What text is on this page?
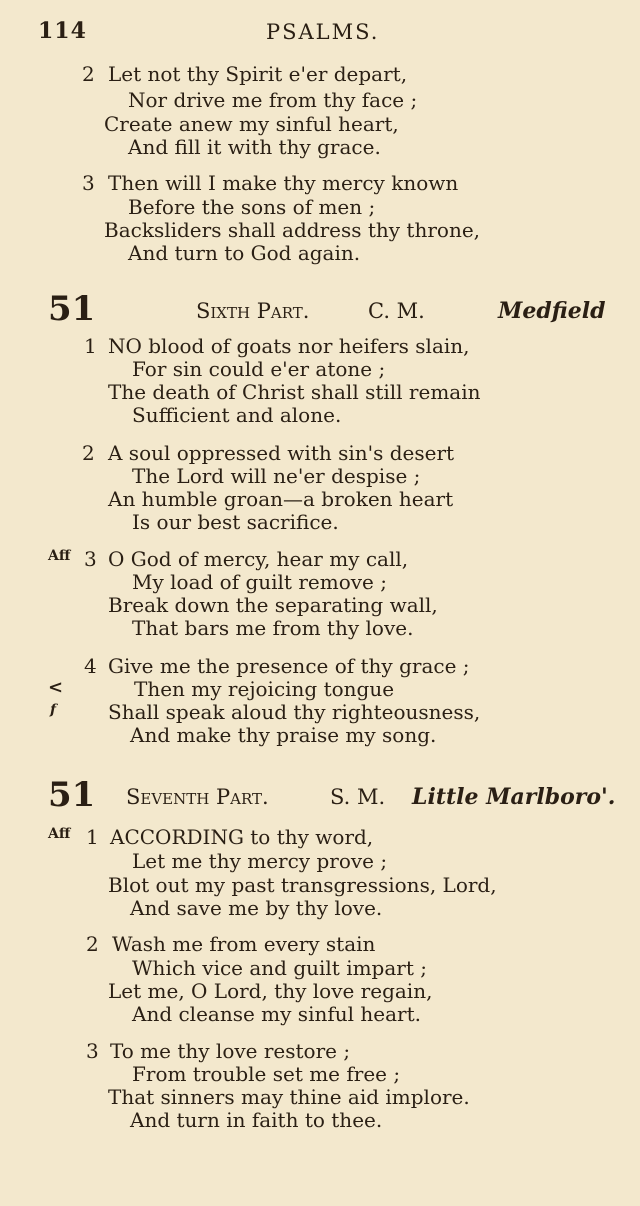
114	PSALMS.
2 Let not thy Spirit e'er depart,
Nor drive me from thy face ;
Create anew my sinful heart,
And fill it with thy grace.
3 Then will I make thy mercy known
Before the sons of men ;
Backsliders shall address thy throne,
And turn to God again.
51	Sixth Part.	C. M.	Medfield
1 NO blood of goats nor heifers slain,
For sin could e'er atone ;
The death of Christ shall still remain
Sufficient and alone.
2 A soul oppressed with sin's desert
The Lord will ne'er despise ;
An humble groan—a broken heart
Is our best sacrifice.
Aff 3 O God of mercy, hear my call,
My load of guilt remove ;
Break down the separating wall,
That bars me from thy love.
4 Give me the presence of thy grace ;
<	Then my rejoicing tongue
f	Shall speak aloud thy righteousness,
And make thy praise my song.
51 Seventh Part.	S. M. Little Marlboro'.
Aff 1 ACCORDING to thy word,
Let me thy mercy prove ;
Blot out my past transgressions, Lord,
And save me by thy love.
2 Wash me from every stain
Which vice and guilt impart ;
Let me, O Lord, thy love regain,
And cleanse my sinful heart.
3 To me thy love restore ;
From trouble set me free ;
That sinners may thine aid implore.
And turn in faith to thee.
